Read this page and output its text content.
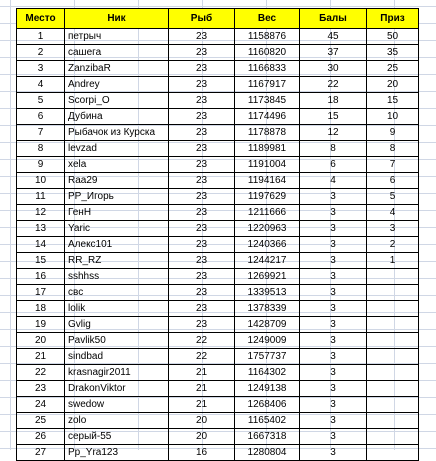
Место	Ник	Рыб	Вес	Балы	Приз
1	петрыч	23	1158876	45	50
2	сашега	23	1160820	37	35
3	ZanzibaR	23	1166833	30	25
4	Andrey	23	1167917	22	20
5	Scorpi_O	23	1173845	18	15
6	Дубина	23	1174496	15	10
7	Рыбачок из Курска	23	1178878	12	9
8	levzad	23	1189981	8	8
9	xela	23	1191004	6	7
10	Raa29	23	1194164	4	6
11	PP_Игорь	23	1197629	3	5
12	ГенН	23	1211666	3	4
13	Yaric	23	1220963	3	3
14	Алекс101	23	1240366	3	2
15	RR_RZ	23	1244217	3	1
16	sshhss	23	1269921	3	
17	свс	23	1339513	3	
18	lolik	23	1378339	3	
19	Gvlig	23	1428709	3	
20	Pavlik50	22	1249009	3	
21	sindbad	22	1757737	3	
22	krasnagir2011	21	1164302	3	
23	DrakonViktor	21	1249138	3	
24	swedow	21	1268406	3	
25	zolo	20	1165402	3	
26	серый-55	20	1667318	3	
27	Pp_Yra123	16	1280804	3	
